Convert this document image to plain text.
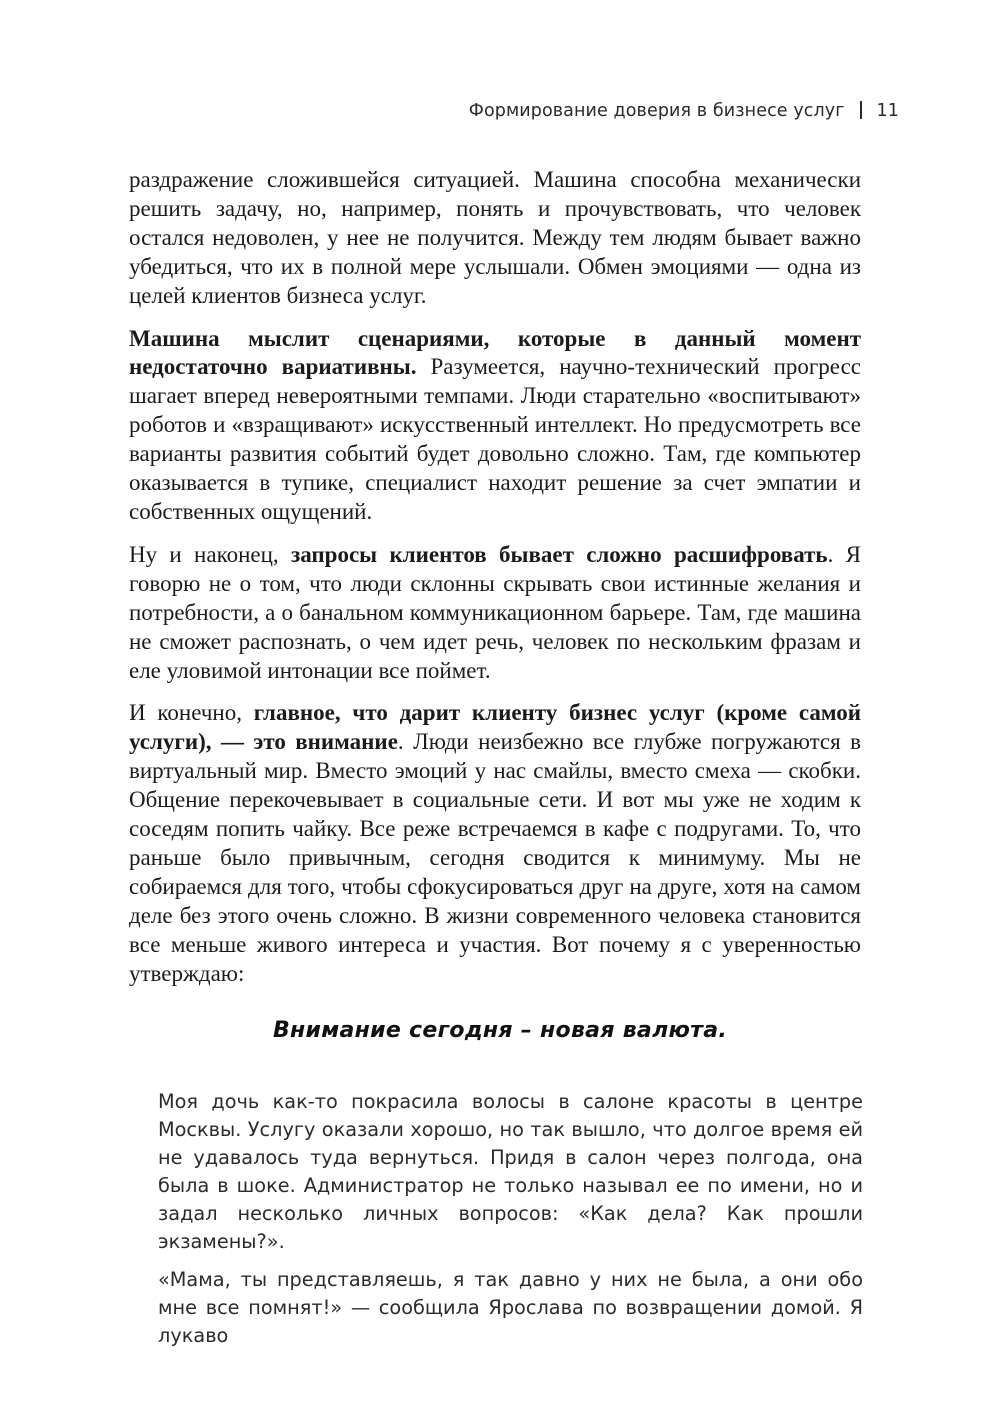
Формирование доверия в бизнесе услуг 11

раздражение сложившейся ситуацией. Машина способна механически решить задачу, но, например, понять и прочувствовать, что человек остался недоволен, у нее не получится. Между тем людям бывает важно убедиться, что их в полной мере услышали. Обмен эмоциями — одна из целей клиентов бизнеса услуг.

Машина мыслит сценариями, которые в данный момент недостаточно вариативны. Разумеется, научно-технический прогресс шагает вперед невероятными темпами. Люди старательно «воспитывают» роботов и «взращивают» искусственный интеллект. Но предусмотреть все варианты развития событий будет довольно сложно. Там, где компьютер оказывается в тупике, специалист находит решение за счет эмпатии и собственных ощущений.

Ну и наконец, запросы клиентов бывает сложно расшифровать. Я говорю не о том, что люди склонны скрывать свои истинные желания и потребности, а о банальном коммуникационном барьере. Там, где машина не сможет распознать, о чем идет речь, человек по нескольким фразам и еле уловимой интонации все поймет.

И конечно, главное, что дарит клиенту бизнес услуг (кроме самой услуги), — это внимание. Люди неизбежно все глубже погружаются в виртуальный мир. Вместо эмоций у нас смайлы, вместо смеха — скобки. Общение перекочевывает в социальные сети. И вот мы уже не ходим к соседям попить чайку. Все реже встречаемся в кафе с подругами. То, что раньше было привычным, сегодня сводится к минимуму. Мы не собираемся для того, чтобы сфокусироваться друг на друге, хотя на самом деле без этого очень сложно. В жизни современного человека становится все меньше живого интереса и участия. Вот почему я с уверенностью утверждаю:

Внимание сегодня – новая валюта.

Моя дочь как-то покрасила волосы в салоне красоты в центре Москвы. Услугу оказали хорошо, но так вышло, что долгое время ей не удавалось туда вернуться. Придя в салон через полгода, она была в шоке. Администратор не только называл ее по имени, но и задал несколько личных вопросов: «Как дела? Как прошли экзамены?».

«Мама, ты представляешь, я так давно у них не была, а они обо мне все помнят!» — сообщила Ярослава по возвращении домой. Я лукаво
